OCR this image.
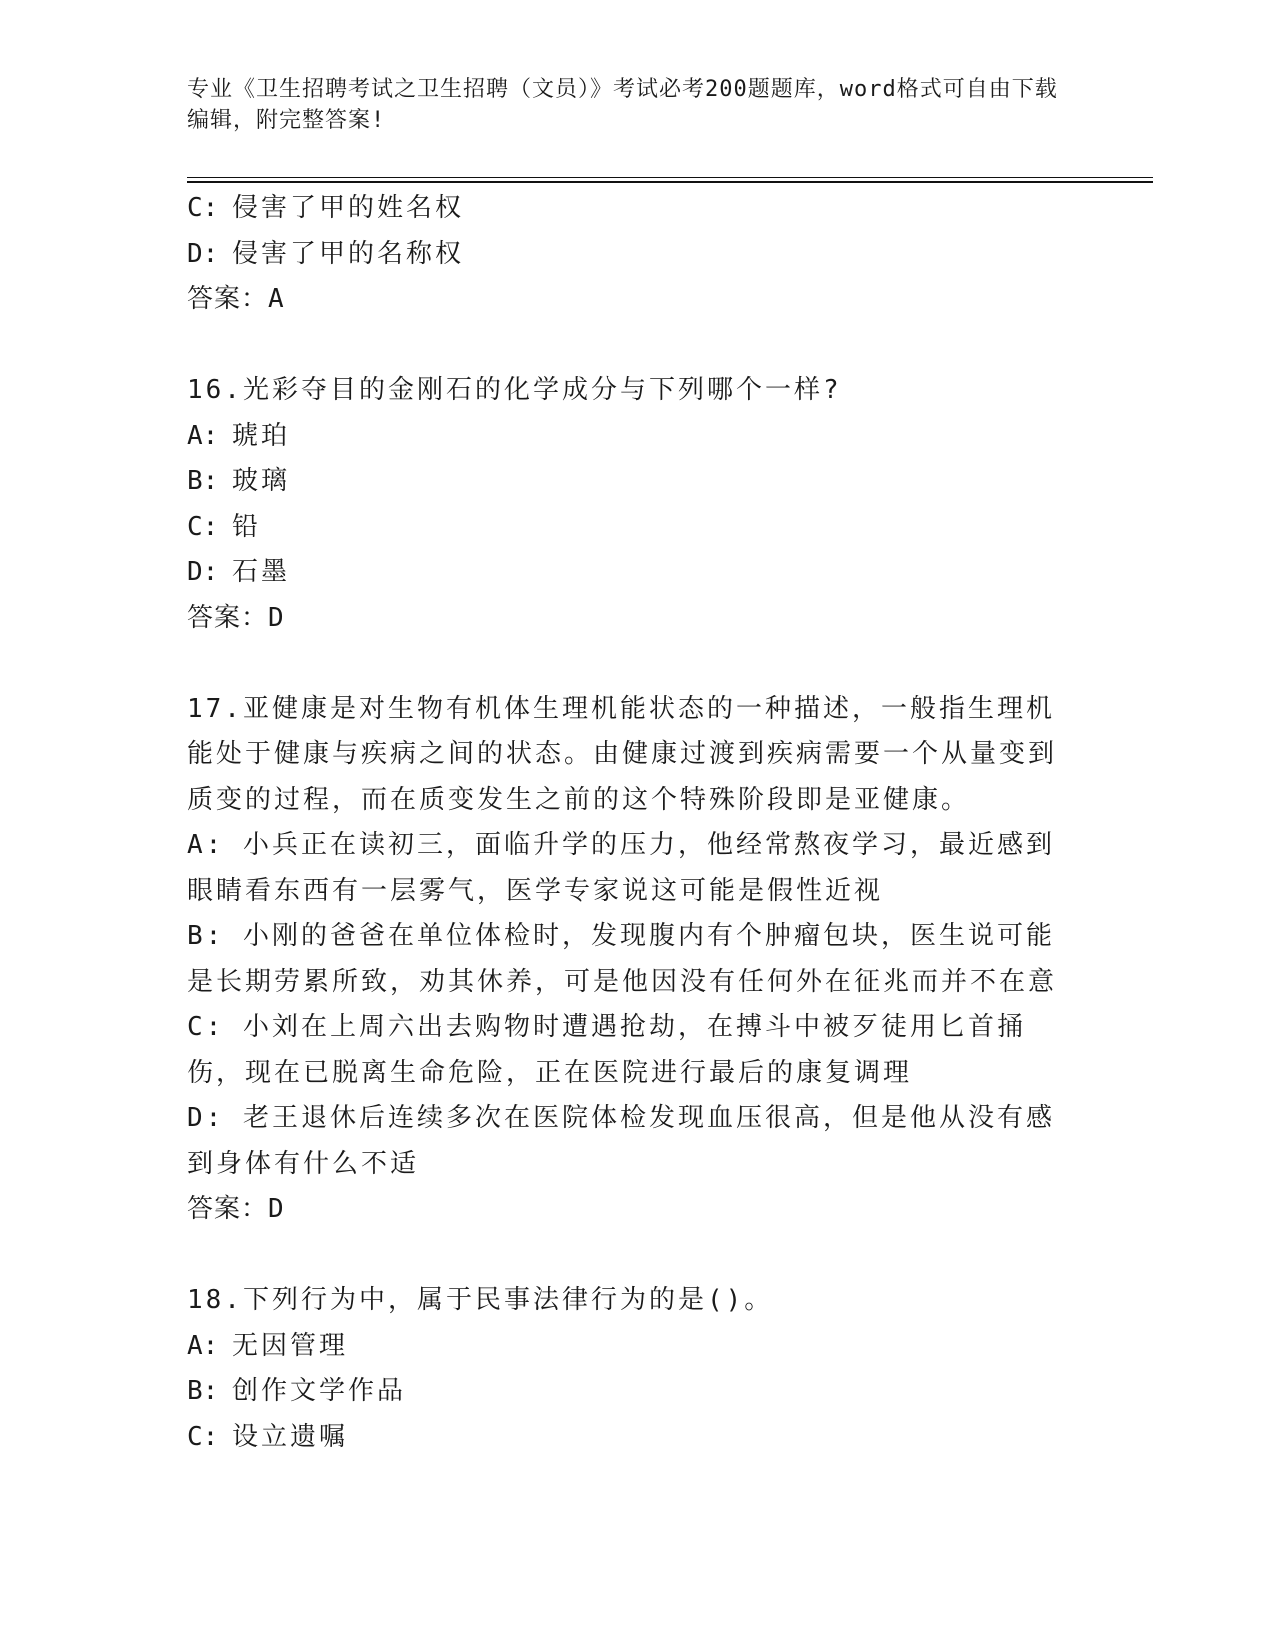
专业《卫生招聘考试之卫生招聘（文员）》考试必考200题题库，word格式可自由下载编辑，附完整答案!
C: 侵害了甲的姓名权
D: 侵害了甲的名称权
答案：A
16.光彩夺目的金刚石的化学成分与下列哪个一样?
A: 琥珀
B: 玻璃
C: 铅
D: 石墨
答案：D
17.亚健康是对生物有机体生理机能状态的一种描述，一般指生理机能处于健康与疾病之间的状态。由健康过渡到疾病需要一个从量变到质变的过程，而在质变发生之前的这个特殊阶段即是亚健康。
A: 小兵正在读初三，面临升学的压力，他经常熬夜学习，最近感到眼睛看东西有一层雾气，医学专家说这可能是假性近视
B: 小刚的爸爸在单位体检时，发现腹内有个肿瘤包块，医生说可能是长期劳累所致，劝其休养，可是他因没有任何外在征兆而并不在意
C: 小刘在上周六出去购物时遭遇抢劫，在搏斗中被歹徒用匕首捅伤，现在已脱离生命危险，正在医院进行最后的康复调理
D: 老王退休后连续多次在医院体检发现血压很高，但是他从没有感到身体有什么不适
答案：D
18.下列行为中，属于民事法律行为的是()。
A: 无因管理
B: 创作文学作品
C: 设立遗嘱
